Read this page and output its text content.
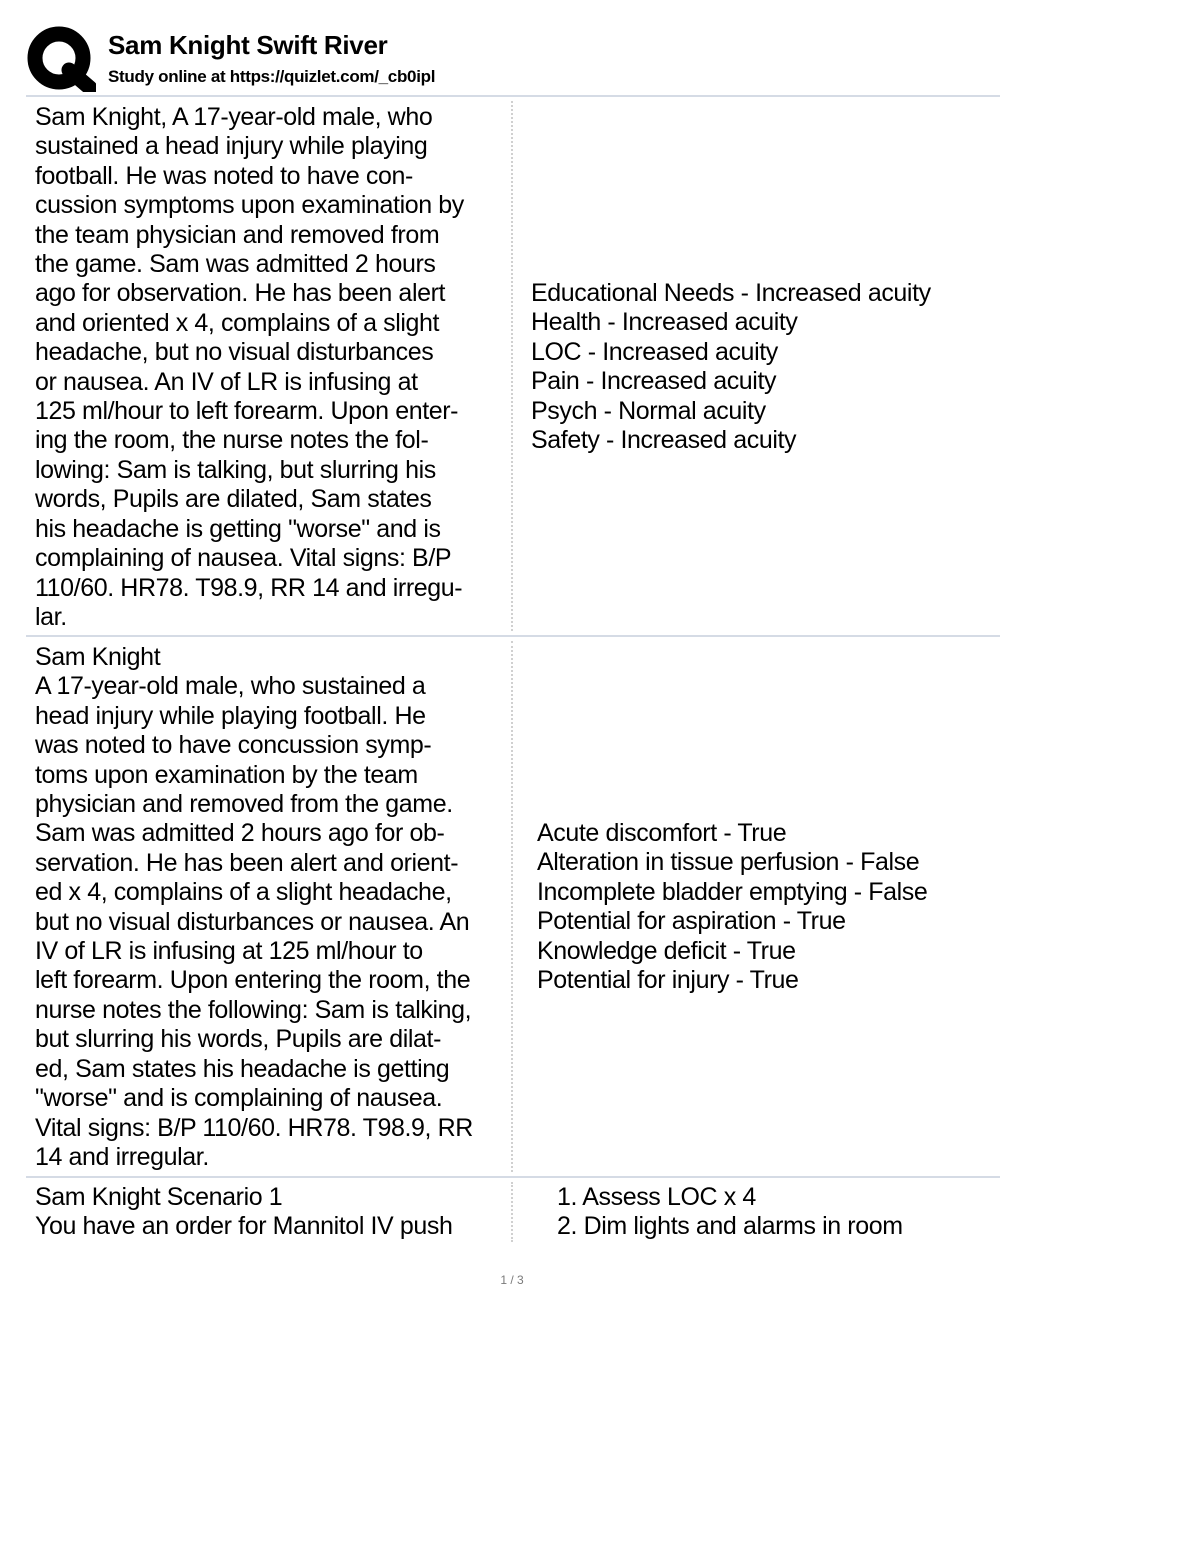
Sam Knight Swift River
Study online at https://quizlet.com/_cb0ipl
Sam Knight, A 17-year-old male, who
sustained a head injury while playing
football. He was noted to have con-
cussion symptoms upon examination by
the team physician and removed from
the game. Sam was admitted 2 hours
ago for observation. He has been alert
and oriented x 4, complains of a slight
headache, but no visual disturbances
or nausea. An IV of LR is infusing at
125 ml/hour to left forearm. Upon enter-
ing the room, the nurse notes the fol-
lowing: Sam is talking, but slurring his
words, Pupils are dilated, Sam states
his headache is getting "worse" and is
complaining of nausea. Vital signs: B/P
110/60. HR78. T98.9, RR 14 and irregu-
lar.
Educational Needs - Increased acuity
Health - Increased acuity
LOC - Increased acuity
Pain - Increased acuity
Psych - Normal acuity
Safety - Increased acuity
Sam Knight
A 17-year-old male, who sustained a
head injury while playing football. He
was noted to have concussion symp-
toms upon examination by the team
physician and removed from the game.
Sam was admitted 2 hours ago for ob-
servation. He has been alert and orient-
ed x 4, complains of a slight headache,
but no visual disturbances or nausea. An
IV of LR is infusing at 125 ml/hour to
left forearm. Upon entering the room, the
nurse notes the following: Sam is talking,
but slurring his words, Pupils are dilat-
ed, Sam states his headache is getting
"worse" and is complaining of nausea.
Vital signs: B/P 110/60. HR78. T98.9, RR
14 and irregular.
Acute discomfort - True
Alteration in tissue perfusion - False
Incomplete bladder emptying - False
Potential for aspiration - True
Knowledge deficit - True
Potential for injury - True
Sam Knight Scenario 1
You have an order for Mannitol IV push
1. Assess LOC x 4
2. Dim lights and alarms in room
1 / 3
